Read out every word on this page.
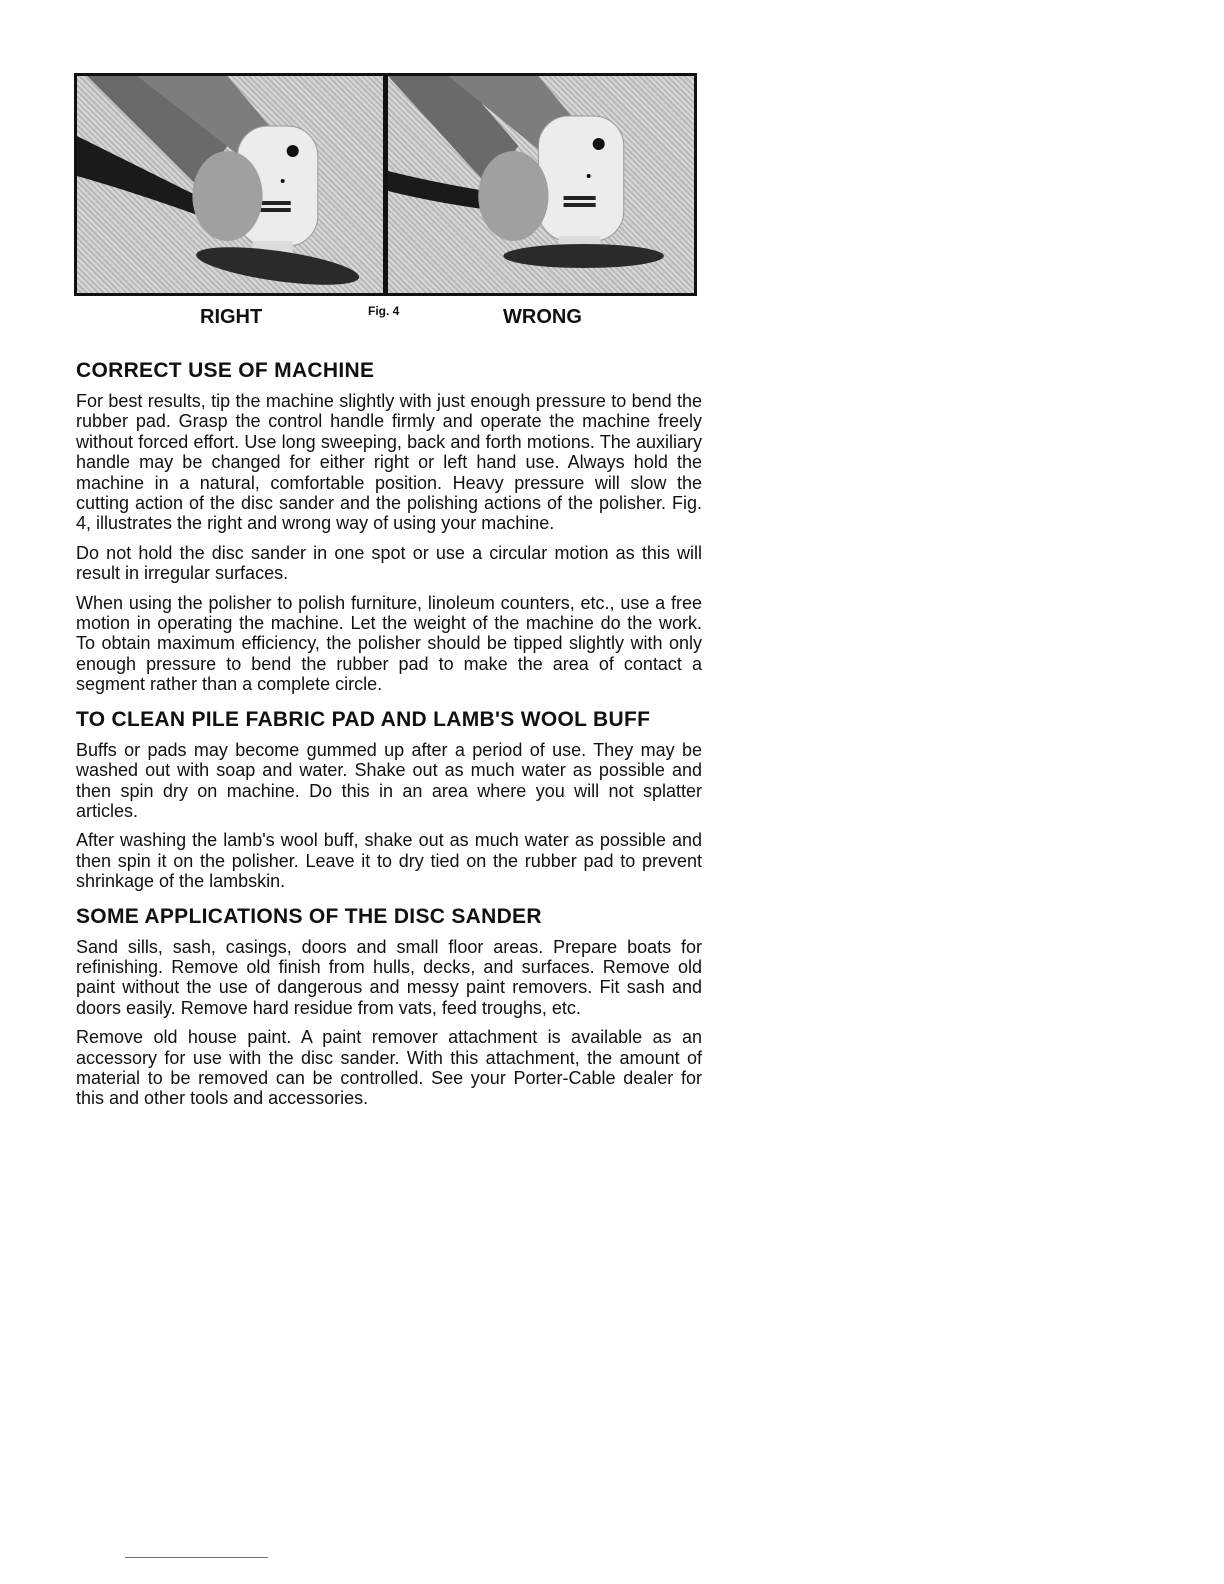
RIGHT	Fig. 4	WRONG
CORRECT USE OF MACHINE

For best results, tip the machine slightly with just enough pressure to bend the rubber pad. Grasp the control handle firmly and operate the machine freely without forced effort. Use long sweeping, back and forth motions. The auxiliary handle may be changed for either right or left hand use. Always hold the machine in a natural, comfortable position. Heavy pressure will slow the cutting action of the disc sander and the polishing actions of the polisher. Fig. 4, illustrates the right and wrong way of using your machine.

Do not hold the disc sander in one spot or use a circular motion as this will result in irregular surfaces.

When using the polisher to polish furniture, linoleum counters, etc., use a free motion in operating the machine. Let the weight of the machine do the work. To obtain maximum efficiency, the polisher should be tipped slightly with only enough pressure to bend the rubber pad to make the area of contact a segment rather than a complete circle.

TO CLEAN PILE FABRIC PAD AND LAMB'S WOOL BUFF

Buffs or pads may become gummed up after a period of use. They may be washed out with soap and water. Shake out as much water as possible and then spin dry on machine. Do this in an area where you will not splatter articles.

After washing the lamb's wool buff, shake out as much water as possible and then spin it on the polisher. Leave it to dry tied on the rubber pad to prevent shrinkage of the lambskin.

SOME APPLICATIONS OF THE DISC SANDER

Sand sills, sash, casings, doors and small floor areas. Prepare boats for refinishing. Remove old finish from hulls, decks, and surfaces. Remove old paint without the use of dangerous and messy paint removers. Fit sash and doors easily. Remove hard residue from vats, feed troughs, etc.

Remove old house paint. A paint remover attachment is available as an accessory for use with the disc sander. With this attachment, the amount of material to be removed can be controlled. See your Porter-Cable dealer for this and other tools and accessories.
